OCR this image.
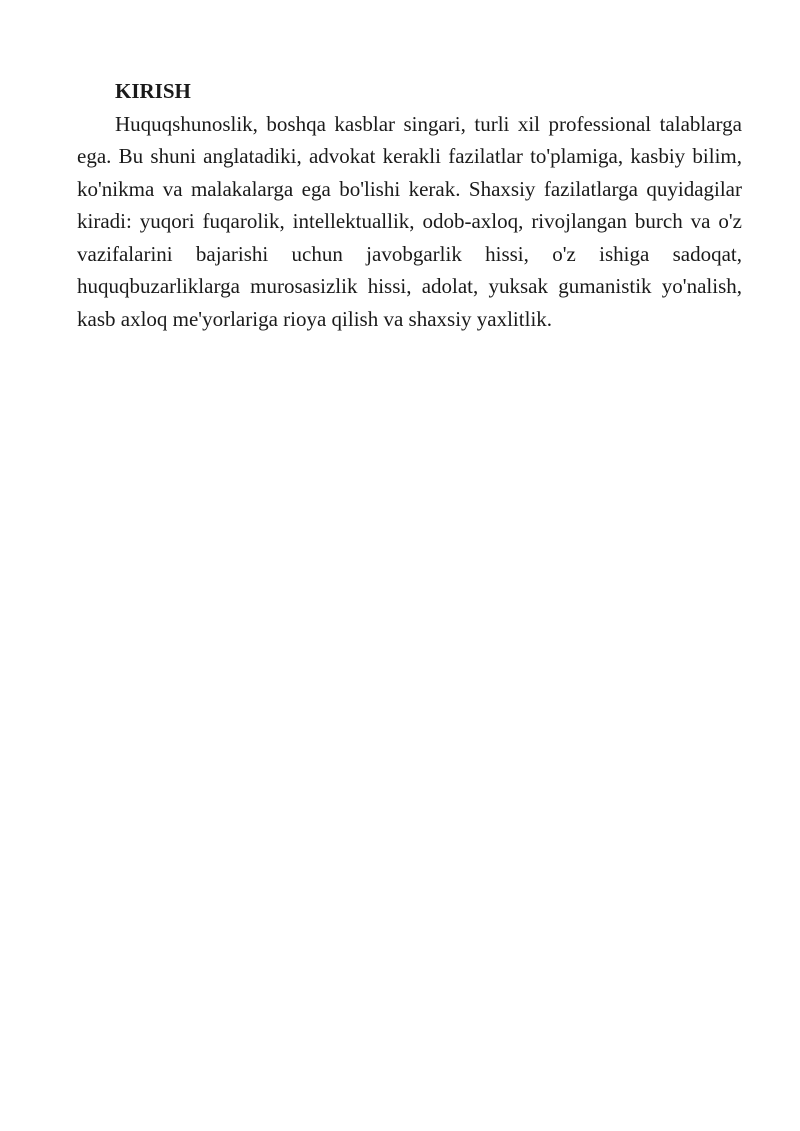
KIRISH

Huquqshunoslik, boshqa kasblar singari, turli xil professional talablarga ega. Bu shuni anglatadiki, advokat kerakli fazilatlar to'plamiga, kasbiy bilim, ko'nikma va malakalarga ega bo'lishi kerak. Shaxsiy fazilatlarga quyidagilar kiradi: yuqori fuqarolik, intellektuallik, odob-axloq, rivojlangan burch va o'z vazifalarini bajarishi uchun javobgarlik hissi, o'z ishiga sadoqat, huquqbuzarliklarga murosasizlik hissi, adolat, yuksak gumanistik yo'nalish, kasb axloq me'yorlariga rioya qilish va shaxsiy yaxlitlik.
